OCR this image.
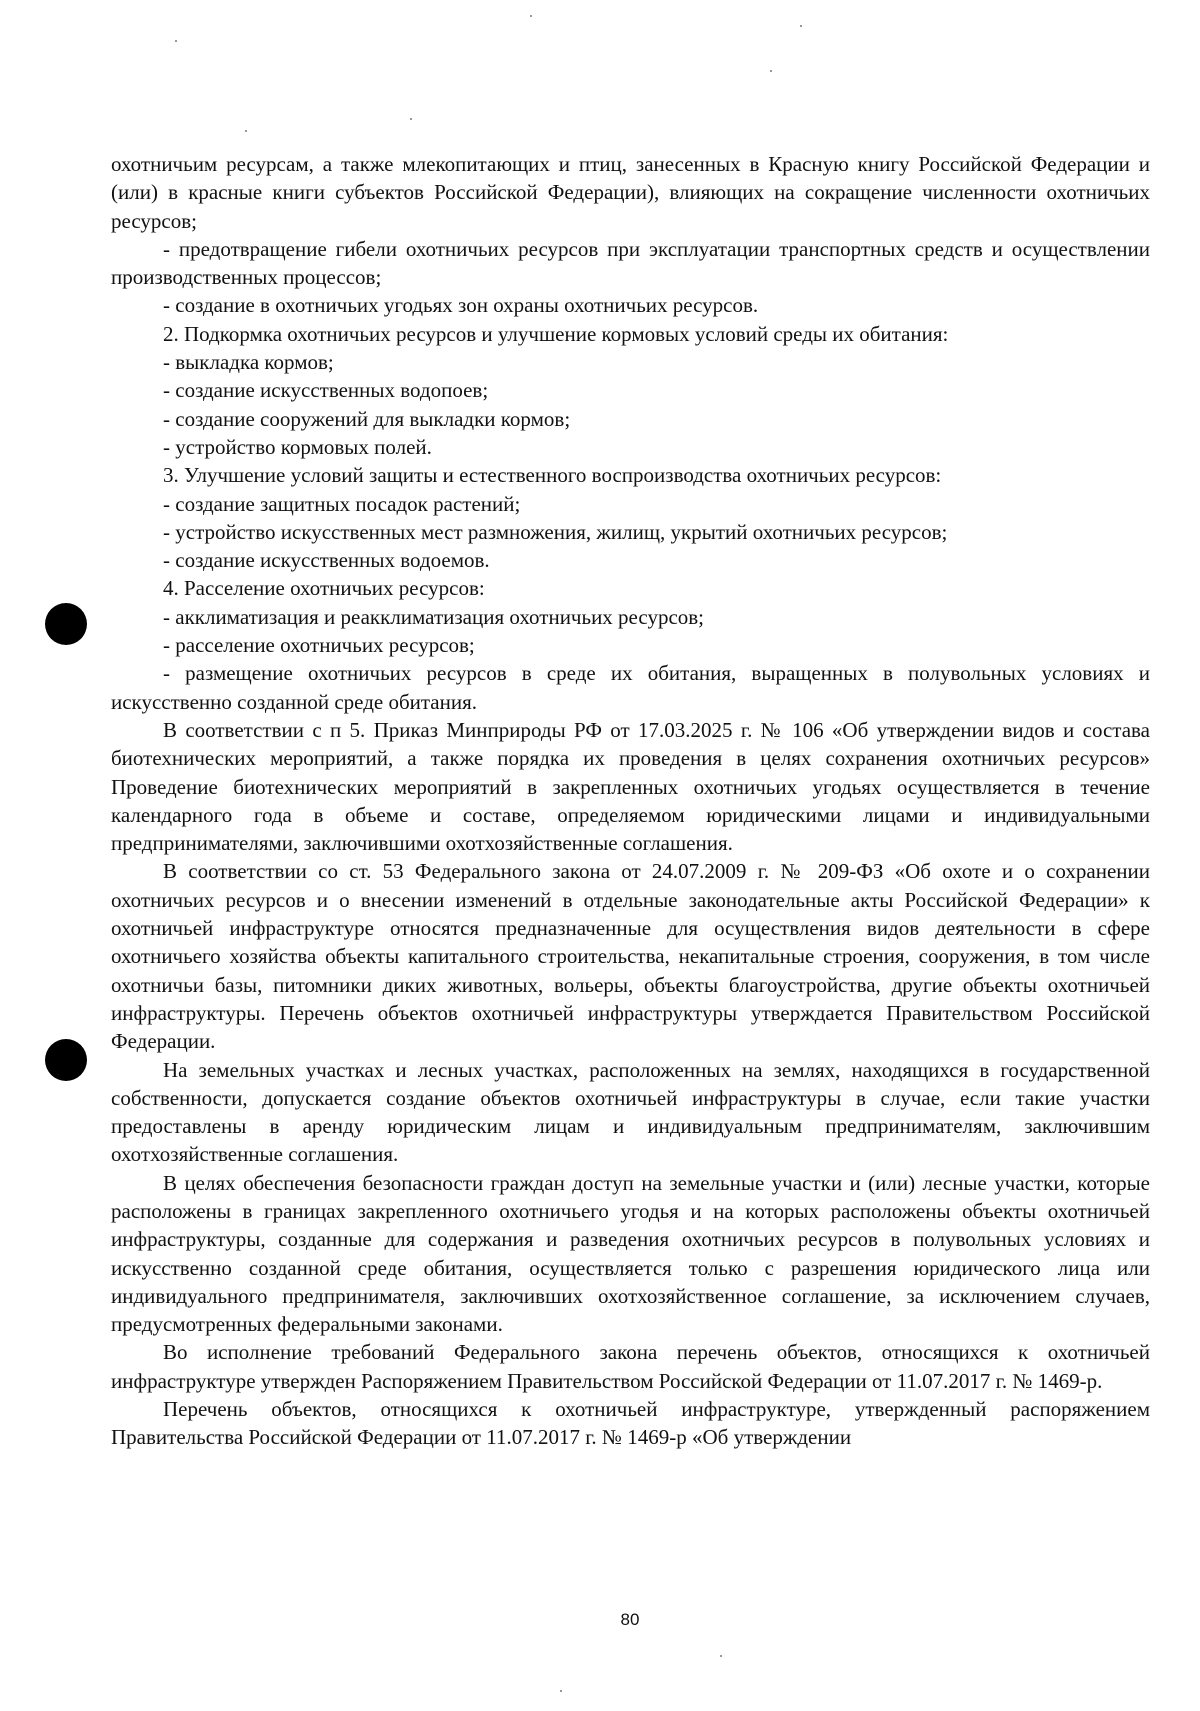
охотничьим ресурсам, а также млекопитающих и птиц, занесенных в Красную книгу Российской Федерации и (или) в красные книги субъектов Российской Федерации), влияющих на сокращение численности охотничьих ресурсов;

- предотвращение гибели охотничьих ресурсов при эксплуатации транспортных средств и осуществлении производственных процессов;

- создание в охотничьих угодьях зон охраны охотничьих ресурсов.

2. Подкормка охотничьих ресурсов и улучшение кормовых условий среды их обитания:

- выкладка кормов;

- создание искусственных водопоев;

- создание сооружений для выкладки кормов;

- устройство кормовых полей.

3. Улучшение условий защиты и естественного воспроизводства охотничьих ресурсов:

- создание защитных посадок растений;

- устройство искусственных мест размножения, жилищ, укрытий охотничьих ресурсов;

- создание искусственных водоемов.

4. Расселение охотничьих ресурсов:

- акклиматизация и реакклиматизация охотничьих ресурсов;

- расселение охотничьих ресурсов;

- размещение охотничьих ресурсов в среде их обитания, выращенных в полувольных условиях и искусственно созданной среде обитания.

В соответствии с п 5. Приказ Минприроды РФ от 17.03.2025 г. № 106 «Об утверждении видов и состава биотехнических мероприятий, а также порядка их проведения в целях сохранения охотничьих ресурсов» Проведение биотехнических мероприятий в закрепленных охотничьих угодьях осуществляется в течение календарного года в объеме и составе, определяемом юридическими лицами и индивидуальными предпринимателями, заключившими охотхозяйственные соглашения.

В соответствии со ст. 53 Федерального закона от 24.07.2009 г. № 209-ФЗ «Об охоте и о сохранении охотничьих ресурсов и о внесении изменений в отдельные законодательные акты Российской Федерации» к охотничьей инфраструктуре относятся предназначенные для осуществления видов деятельности в сфере охотничьего хозяйства объекты капитального строительства, некапитальные строения, сооружения, в том числе охотничьи базы, питомники диких животных, вольеры, объекты благоустройства, другие объекты охотничьей инфраструктуры. Перечень объектов охотничьей инфраструктуры утверждается Правительством Российской Федерации.

На земельных участках и лесных участках, расположенных на землях, находящихся в государственной собственности, допускается создание объектов охотничьей инфраструктуры в случае, если такие участки предоставлены в аренду юридическим лицам и индивидуальным предпринимателям, заключившим охотхозяйственные соглашения.

В целях обеспечения безопасности граждан доступ на земельные участки и (или) лесные участки, которые расположены в границах закрепленного охотничьего угодья и на которых расположены объекты охотничьей инфраструктуры, созданные для содержания и разведения охотничьих ресурсов в полувольных условиях и искусственно созданной среде обитания, осуществляется только с разрешения юридического лица или индивидуального предпринимателя, заключивших охотхозяйственное соглашение, за исключением случаев, предусмотренных федеральными законами.

Во исполнение требований Федерального закона перечень объектов, относящихся к охотничьей инфраструктуре утвержден Распоряжением Правительством Российской Федерации от 11.07.2017 г. № 1469-р.

Перечень объектов, относящихся к охотничьей инфраструктуре, утвержденный распоряжением Правительства Российской Федерации от 11.07.2017 г. № 1469-р «Об утверждении

80
